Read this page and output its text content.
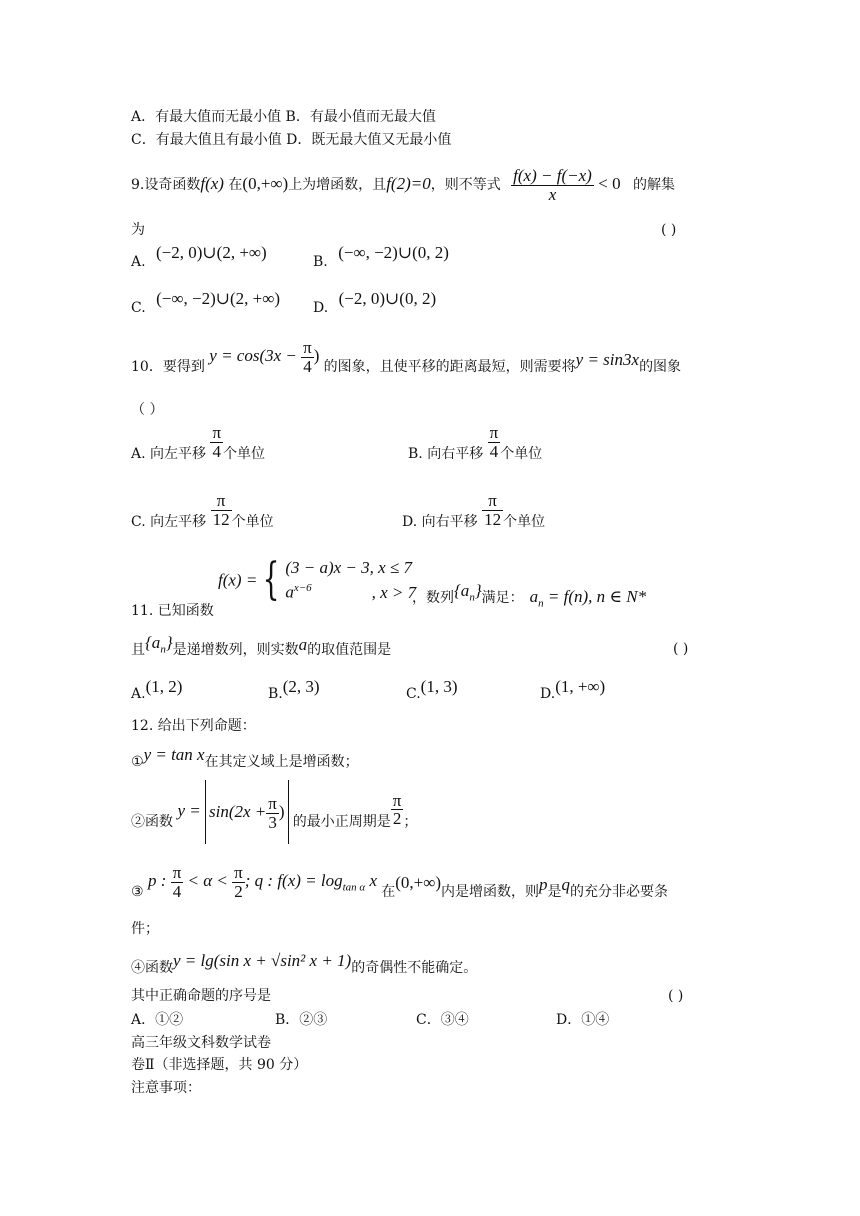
A．有最大值而无最小值 B．有最小值而无最大值
C．有最大值且有最小值 D．既无最大值又无最小值
9.设奇函数f(x) 在(0,+∞)上为增函数，且f(2)=0，则不等式 $\frac{f(x) - f(-x)}{x} < 0$ 的解集
为	( )
A. (−2, 0)∪(2, +∞)	B. (−∞, −2)∪(0, 2)
C. (−∞, −2)∪(2, +∞) D. (−2, 0)∪(0, 2)
10．要得到 $y = \cos(3x - \frac{\pi}{4}$ ) 的图象，且使平移的距离最短，则需要将y = sin3x的图象
（ ）
A. 向左平移 $\frac{\pi}{4}$ 个单位	B. 向右平移 $\frac{\pi}{4}$ 个单位
C. 向左平移 $\frac{\pi}{12}$ 个单位	D. 向右平移 $\frac{\pi}{12}$ 个单位
11. 已知函数
f(x) = { (3 − a)x − 3, x ≤ 7
$a^{x-6}$	, x > 7
，数列$\{a_n\}$满足： $a_n = f(n)$, n ∈ N*
且$\{a_n\}$是递增数列，则实数a的取值范围是	( )
A.(1, 2)	B.(2, 3)	C.(1, 3)	D.(1, +∞)
12. 给出下列命题：
①y = tan x在其定义域上是增函数；
②函数 $y = \sin(2x + \frac{\pi}{3}$ ) 的最小正周期是 $\frac{\pi}{2}$ ；
③ p : $\frac{\pi}{4} < \alpha < \frac{\pi}{2}$ ; q : $f(x) = \log_{tan \alpha} x$ 在(0,+∞)内是增函数，则p是q的充分非必要条
件；
④函数y = lg(sin x + √sin² x + 1)的奇偶性不能确定。
其中正确命题的序号是	( )
A．①②	B．②③	C．③④	D．①④
高三年级文科数学试卷
卷Ⅱ（非选择题，共 90 分）
注意事项：
